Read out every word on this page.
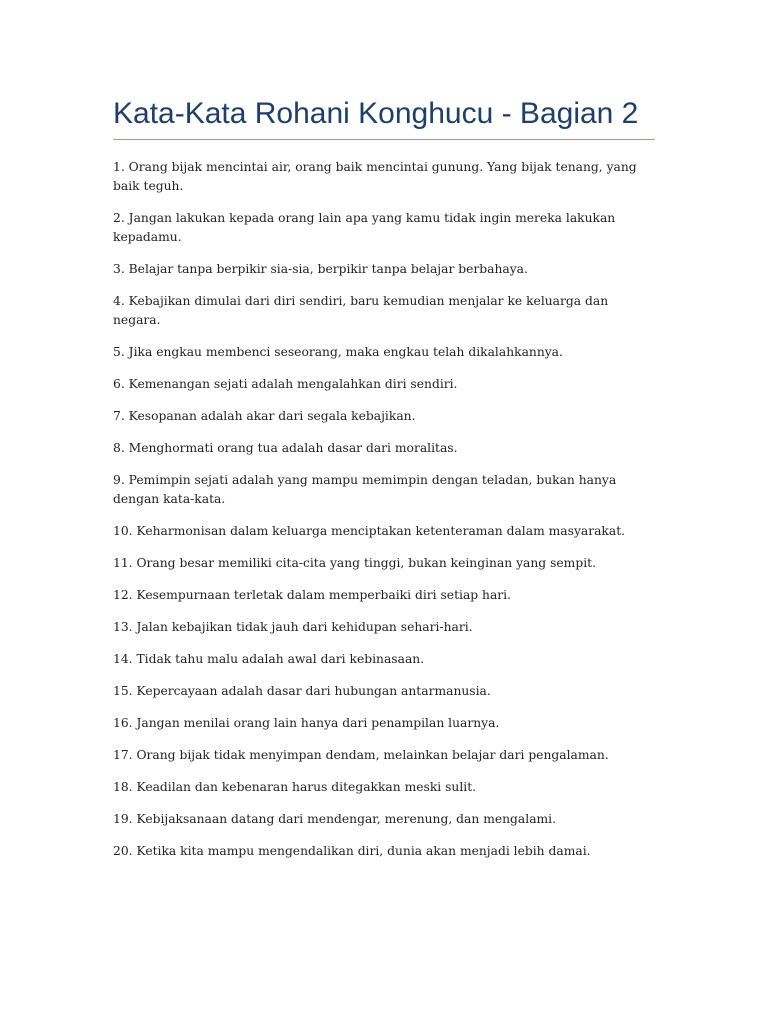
Kata-Kata Rohani Konghucu - Bagian 2
1. Orang bijak mencintai air, orang baik mencintai gunung. Yang bijak tenang, yang baik teguh.
2. Jangan lakukan kepada orang lain apa yang kamu tidak ingin mereka lakukan kepadamu.
3. Belajar tanpa berpikir sia-sia, berpikir tanpa belajar berbahaya.
4. Kebajikan dimulai dari diri sendiri, baru kemudian menjalar ke keluarga dan negara.
5. Jika engkau membenci seseorang, maka engkau telah dikalahkannya.
6. Kemenangan sejati adalah mengalahkan diri sendiri.
7. Kesopanan adalah akar dari segala kebajikan.
8. Menghormati orang tua adalah dasar dari moralitas.
9. Pemimpin sejati adalah yang mampu memimpin dengan teladan, bukan hanya dengan kata-kata.
10. Keharmonisan dalam keluarga menciptakan ketenteraman dalam masyarakat.
11. Orang besar memiliki cita-cita yang tinggi, bukan keinginan yang sempit.
12. Kesempurnaan terletak dalam memperbaiki diri setiap hari.
13. Jalan kebajikan tidak jauh dari kehidupan sehari-hari.
14. Tidak tahu malu adalah awal dari kebinasaan.
15. Kepercayaan adalah dasar dari hubungan antarmanusia.
16. Jangan menilai orang lain hanya dari penampilan luarnya.
17. Orang bijak tidak menyimpan dendam, melainkan belajar dari pengalaman.
18. Keadilan dan kebenaran harus ditegakkan meski sulit.
19. Kebijaksanaan datang dari mendengar, merenung, dan mengalami.
20. Ketika kita mampu mengendalikan diri, dunia akan menjadi lebih damai.
